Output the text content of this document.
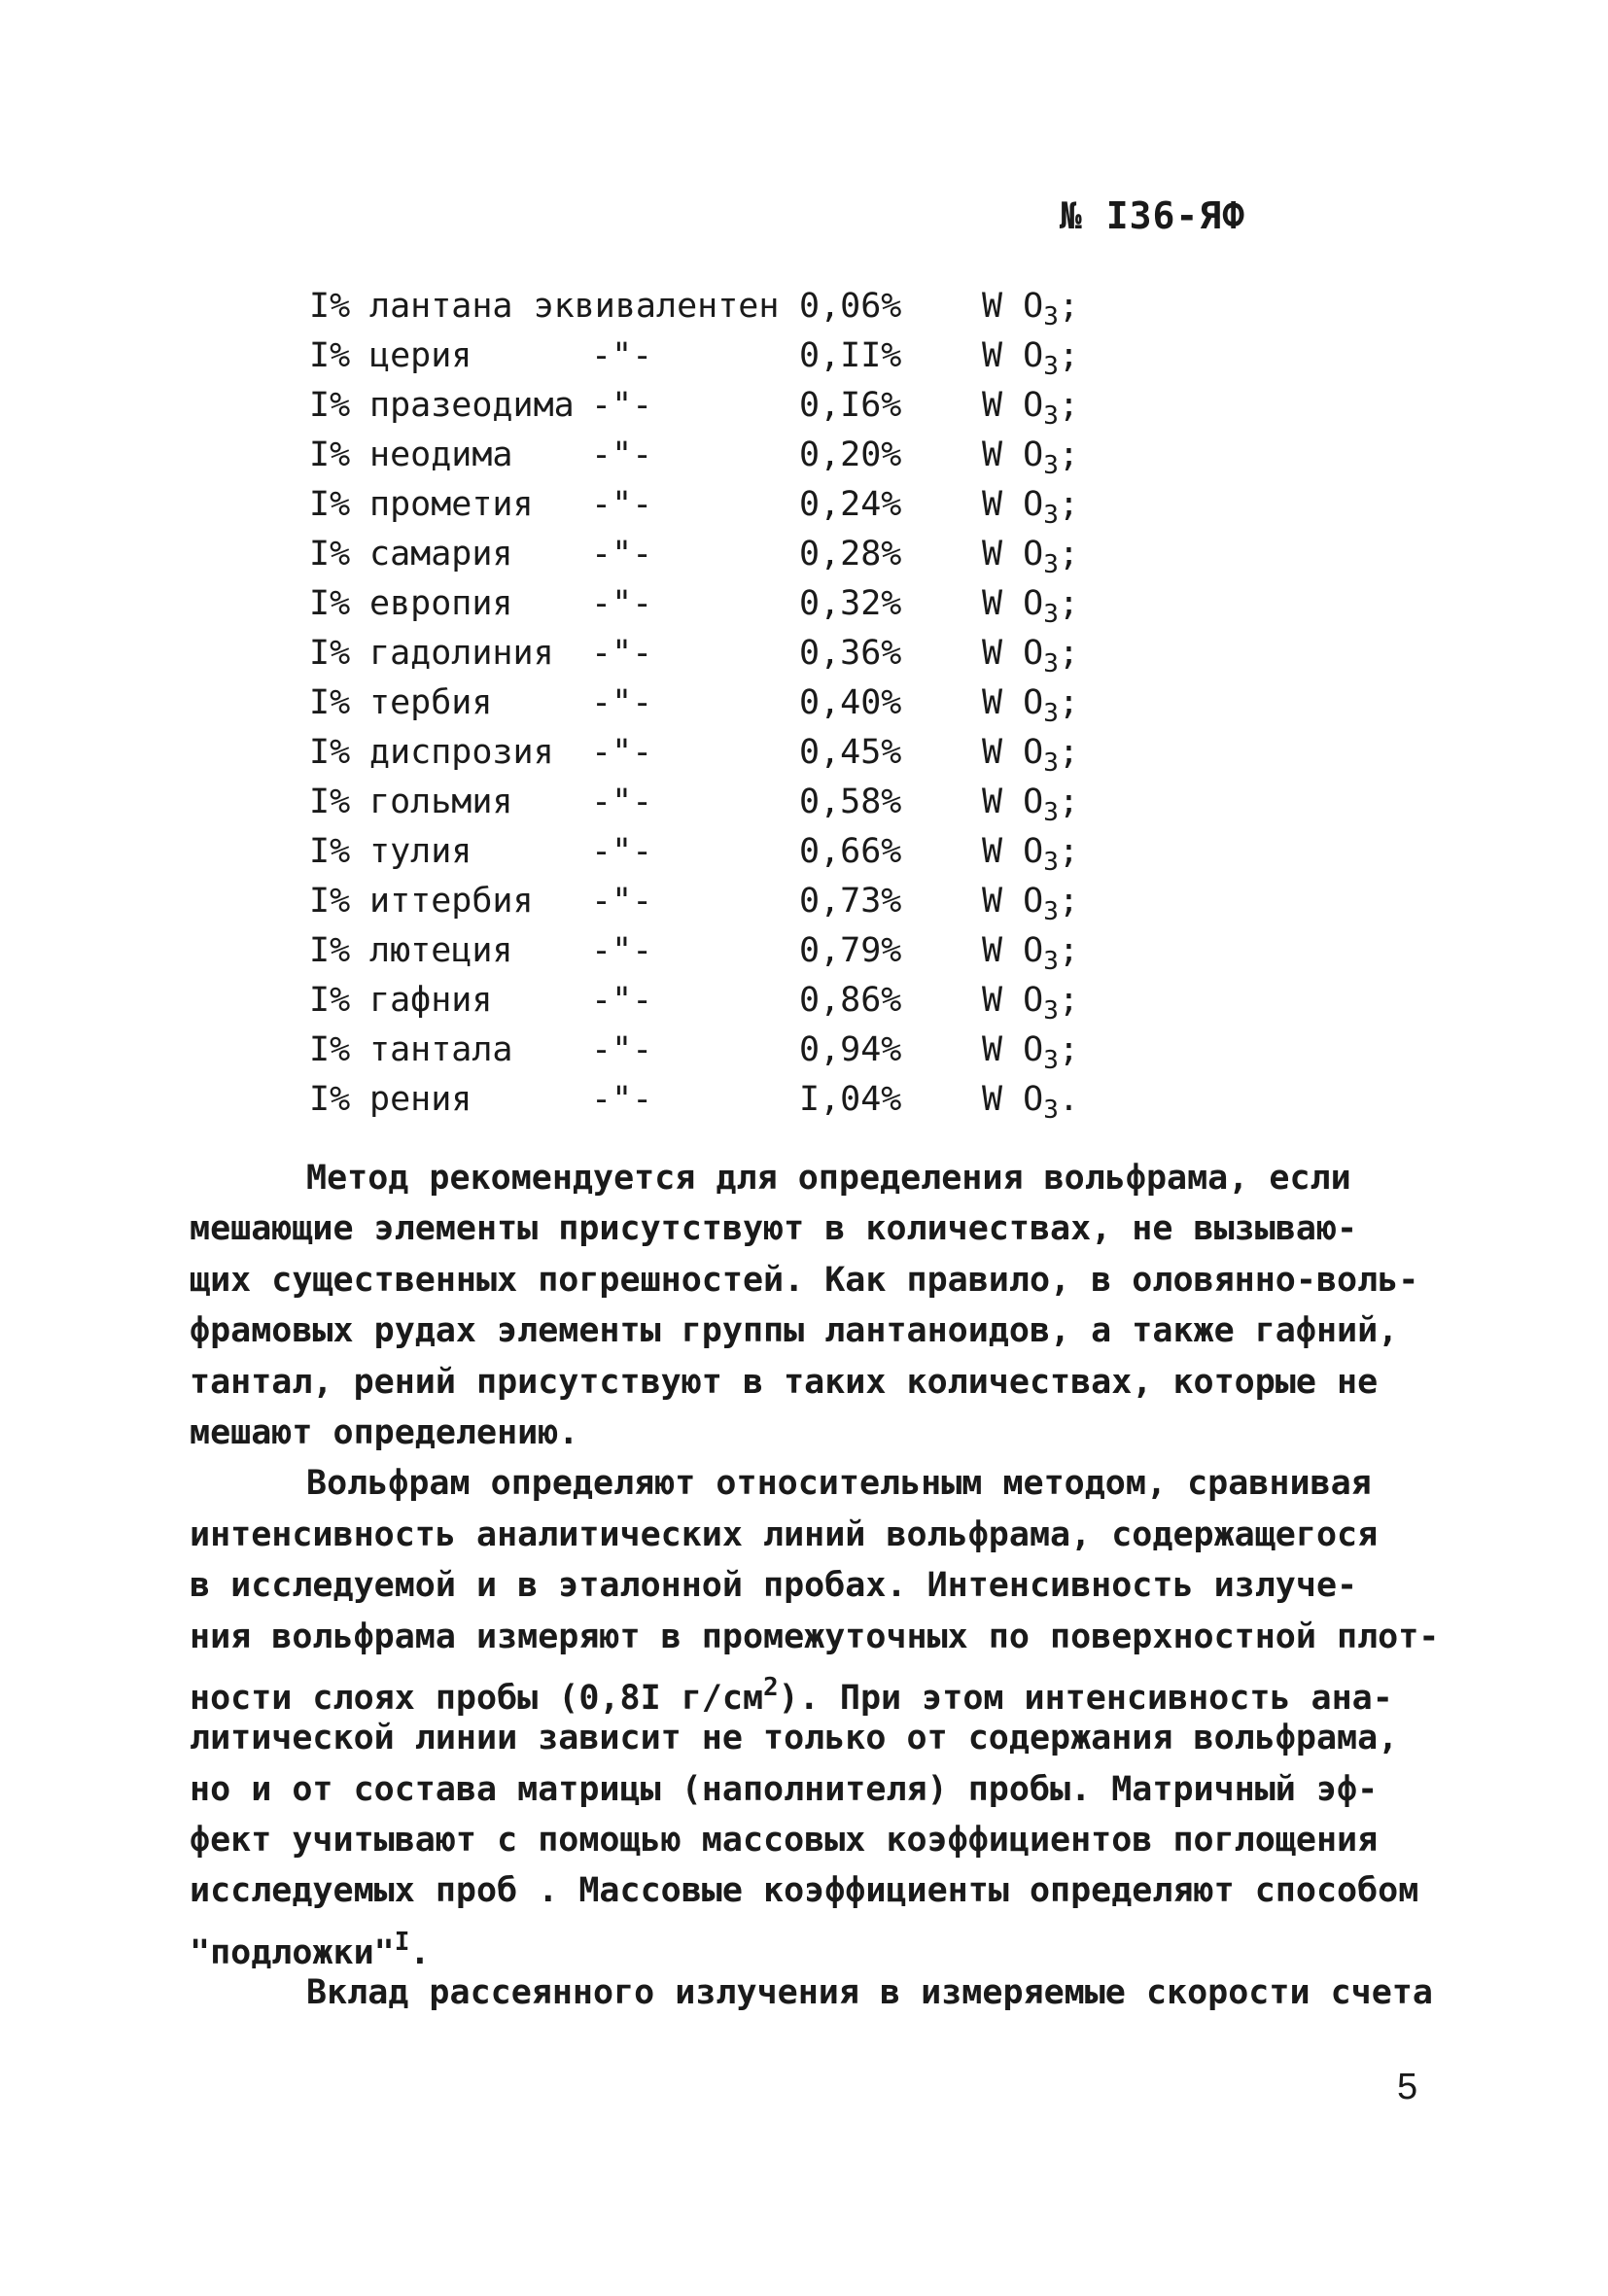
№ I36-ЯФ
I% лантана эквивалентен 0,06% W $O_3$;
I% церия	-"-	0,II% W $O_3$;
I% празеодима -"-	0,I6% W $O_3$;
I% неодима -"-	0,20% W $O_3$;
I% прометия -"-	0,24% W $O_3$;
I% самария -"-	0,28% W $O_3$;
I% европия -"-	0,32% W $O_3$;
I% гадолиния -"-	0,36% W $O_3$;
I% тербия	-"-	0,40% W $O_3$;
I% диспрозия -"-	0,45% W $O_3$;
I% гольмия -"-	0,58% W $O_3$;
I% тулия	-"-	0,66% W $O_3$;
I% иттербия -"-	0,73% W $O_3$;
I% лютеция -"-	0,79% W $O_3$;
I% гафния	-"-	0,86% W $O_3$;
I% тантала -"-	0,94% W $O_3$;
I% рения	-"-	I,04% W $O_3$.
Метод рекомендуется для определения вольфрама, если
мешающие элементы присутствуют в количествах, не вызываю-
щих существенных погрешностей. Как правило, в оловянно-воль-
фрамовых рудах элементы группы лантаноидов, а также гафний,
тантал, рений присутствуют в таких количествах, которые не
мешают определению.
Вольфрам определяют относительным методом, сравнивая
интенсивность аналитических линий вольфрама, содержащегося
в исследуемой и в эталонной пробах. Интенсивность излуче-
ния вольфрама измеряют в промежуточных по поверхностной плот-
ности слоях пробы (0,8I $г/см^2$). При этом интенсивность ана-
литической линии зависит не только от содержания вольфрама,
но и от состава матрицы (наполнителя) пробы. Матричный эф-
фект учитывают с помощью массовых коэффициентов поглощения
исследуемых проб . Массовые коэффициенты определяют способом
"подложки"$^I$.
Вклад рассеянного излучения в измеряемые скорости счета
5
